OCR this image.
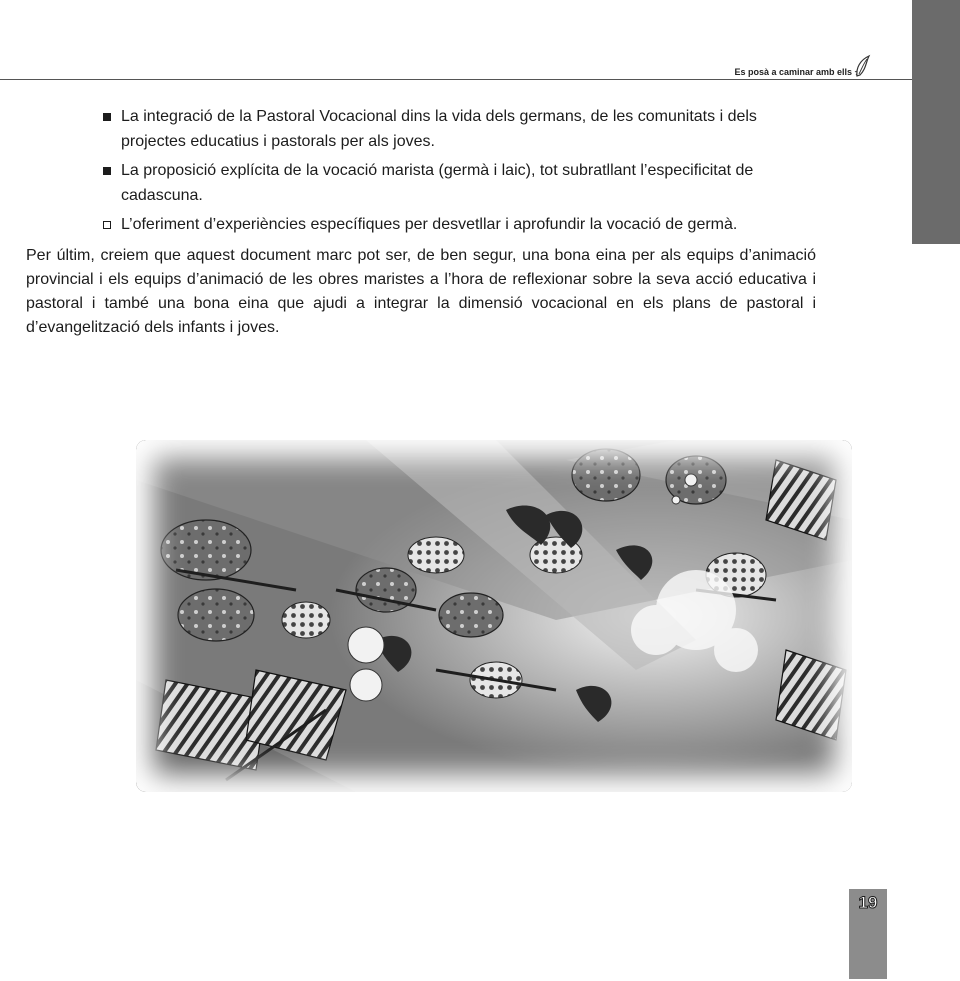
Es posà a caminar amb ells
La integració de la Pastoral Vocacional dins la vida dels germans, de les comunitats i dels projectes educatius i pastorals per als joves.
La proposició explícita de la vocació marista (germà i laic), tot subratllant l’especificitat de cadascuna.
L’oferiment d’experiències específiques per desvetllar i aprofundir la vocació de germà.

Per últim, creiem que aquest document marc pot ser, de ben segur, una bona eina per als equips d’animació provincial i els equips d’animació de les obres maristes a l’hora de reflexionar sobre la seva acció educativa i pastoral i també una bona eina que ajudi a integrar la dimensió vocacional en els plans de pastoral i d’evangelització dels infants i joves.

19
